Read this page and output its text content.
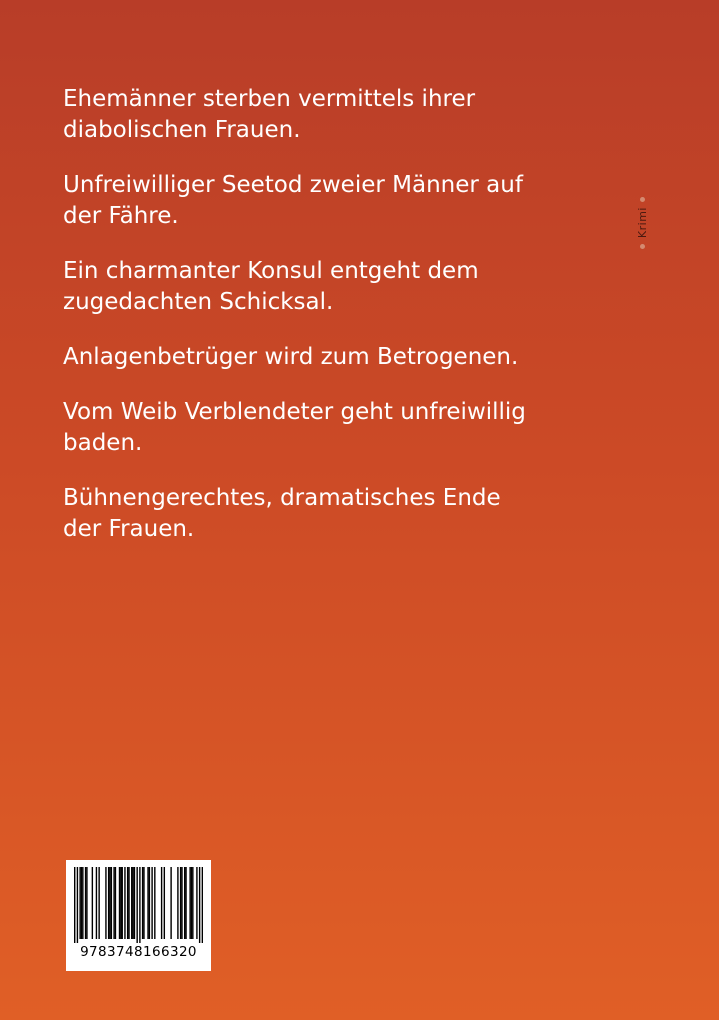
Ehemänner sterben vermittels ihrer
diabolischen Frauen.

Unfreiwilliger Seetod zweier Männer auf
der Fähre.

Ein charmanter Konsul entgeht dem
zugedachten Schicksal.

Anlagenbetrüger wird zum Betrogenen.

Vom Weib Verblendeter geht unfreiwillig
baden.

Bühnengerechtes, dramatisches Ende
der Frauen.

Krimi
9783748166320
